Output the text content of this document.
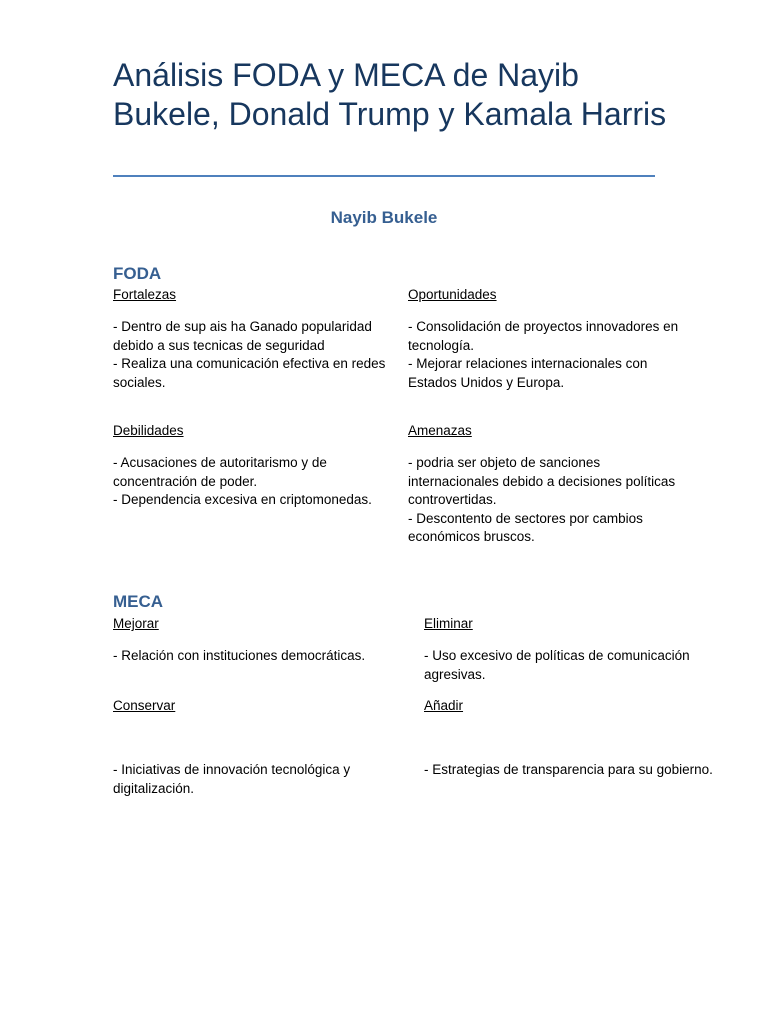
Análisis FODA y MECA de Nayib Bukele, Donald Trump y Kamala Harris
Nayib Bukele
FODA

Fortalezas

- Dentro de sup ais ha Ganado popularidad debido a sus tecnicas de seguridad

- Realiza una comunicación efectiva en redes sociales.

Oportunidades

- Consolidación de proyectos innovadores en tecnología.

- Mejorar relaciones internacionales con Estados Unidos y Europa.

Debilidades

- Acusaciones de autoritarismo y de concentración de poder.

- Dependencia excesiva en criptomonedas.

Amenazas

- podria ser objeto de sanciones internacionales debido a decisiones políticas controvertidas.

- Descontento de sectores por cambios económicos bruscos.

MECA

Mejorar

- Relación con instituciones democráticas.

Eliminar

- Uso excesivo de políticas de comunicación agresivas.

Conservar

- Iniciativas de innovación tecnológica y digitalización.

Añadir

- Estrategias de transparencia para su gobierno.
